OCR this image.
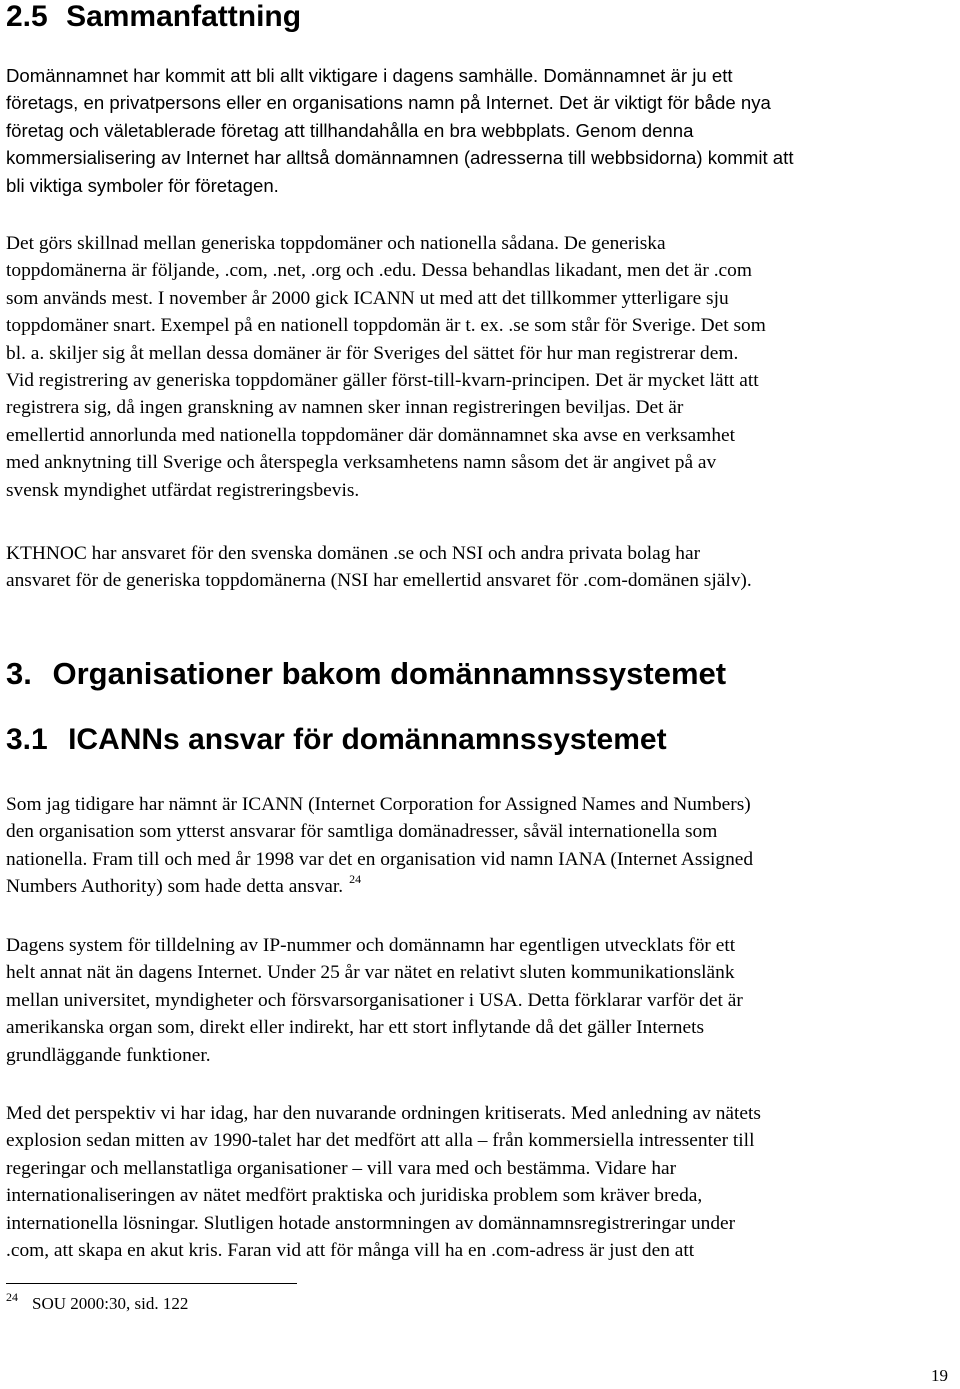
2.5 Sammanfattning

Domännamnet har kommit att bli allt viktigare i dagens samhälle. Domännamnet är ju ett
företags, en privatpersons eller en organisations namn på Internet. Det är viktigt för både nya
företag och väletablerade företag att tillhandahålla en bra webbplats. Genom denna
kommersialisering av Internet har alltså domännamnen (adresserna till webbsidorna) kommit att
bli viktiga symboler för företagen.

Det görs skillnad mellan generiska toppdomäner och nationella sådana. De generiska
toppdomänerna är följande, .com, .net, .org och .edu. Dessa behandlas likadant, men det är .com
som används mest. I november år 2000 gick ICANN ut med att det tillkommer ytterligare sju
toppdomäner snart. Exempel på en nationell toppdomän är t. ex. .se som står för Sverige. Det som
bl. a. skiljer sig åt mellan dessa domäner är för Sveriges del sättet för hur man registrerar dem.
Vid registrering av generiska toppdomäner gäller först-till-kvarn-principen. Det är mycket lätt att
registrera sig, då ingen granskning av namnen sker innan registreringen beviljas. Det är
emellertid annorlunda med nationella toppdomäner där domännamnet ska avse en verksamhet
med anknytning till Sverige och återspegla verksamhetens namn såsom det är angivet på av
svensk myndighet utfärdat registreringsbevis.

KTHNOC har ansvaret för den svenska domänen .se och NSI och andra privata bolag har
ansvaret för de generiska toppdomänerna (NSI har emellertid ansvaret för .com-domänen själv).

3. Organisationer bakom domännamnssystemet
3.1 ICANNs ansvar för domännamnssystemet

Som jag tidigare har nämnt är ICANN (Internet Corporation for Assigned Names and Numbers)
den organisation som ytterst ansvarar för samtliga domänadresser, såväl internationella som
nationella. Fram till och med år 1998 var det en organisation vid namn IANA (Internet Assigned
Numbers Authority) som hade detta ansvar. $^{24}$

Dagens system för tilldelning av IP-nummer och domännamn har egentligen utvecklats för ett
helt annat nät än dagens Internet. Under 25 år var nätet en relativt sluten kommunikationslänk
mellan universitet, myndigheter och försvarsorganisationer i USA. Detta förklarar varför det är
amerikanska organ som, direkt eller indirekt, har ett stort inflytande då det gäller Internets
grundläggande funktioner.

Med det perspektiv vi har idag, har den nuvarande ordningen kritiserats. Med anledning av nätets
explosion sedan mitten av 1990-talet har det medfört att alla – från kommersiella intressenter till
regeringar och mellanstatliga organisationer – vill vara med och bestämma. Vidare har
internationaliseringen av nätet medfört praktiska och juridiska problem som kräver breda,
internationella lösningar. Slutligen hotade anstormningen av domännamnsregistreringar under
.com, att skapa en akut kris. Faran vid att för många vill ha en .com-adress är just den att

$^{24}$ SOU 2000:30, sid. 122
19
